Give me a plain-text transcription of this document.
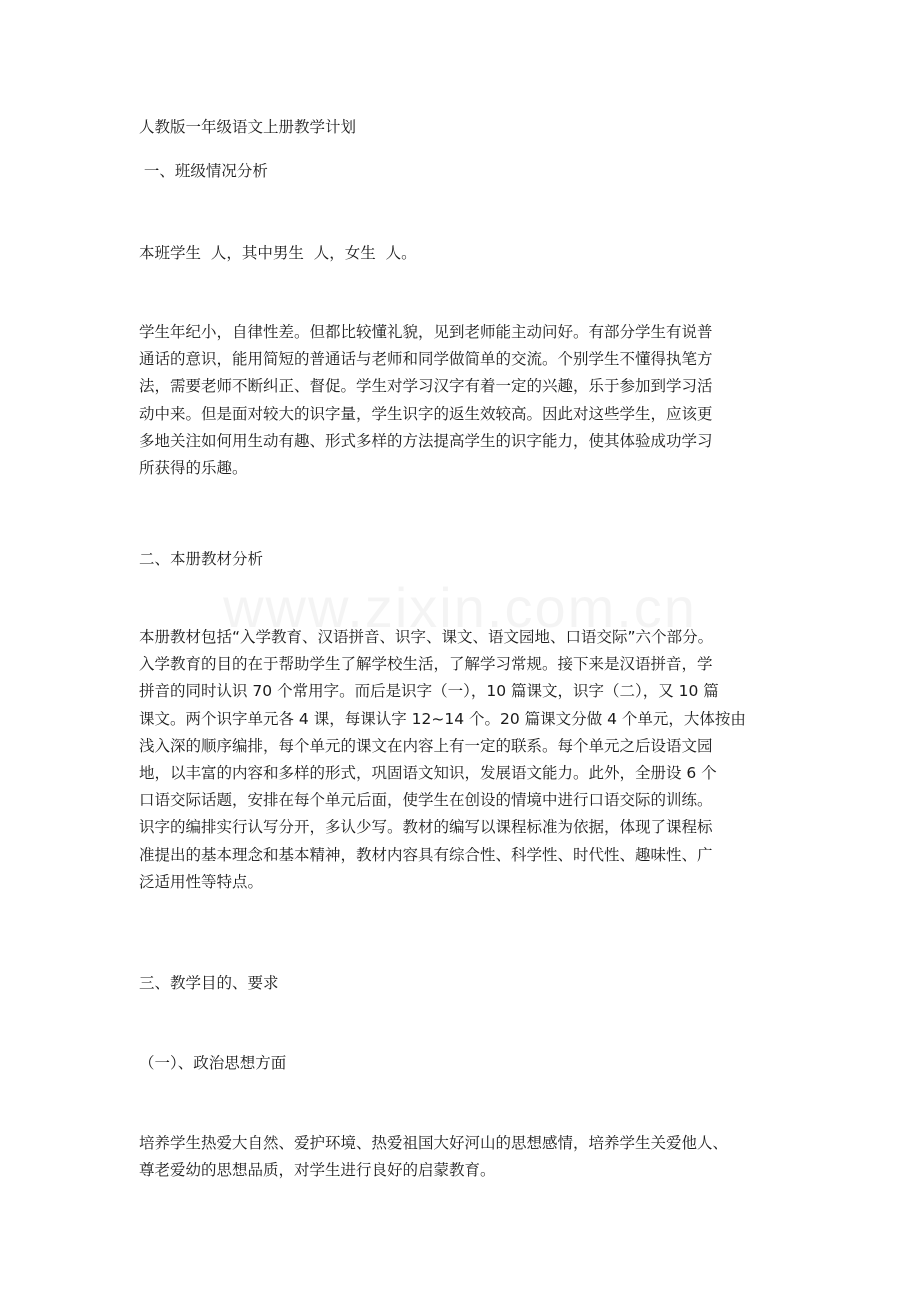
人教版一年级语文上册教学计划
一、班级情况分析
本班学生  人，其中男生  人，女生  人。
学生年纪小，自律性差。但都比较懂礼貌，见到老师能主动问好。有部分学生有说普
通话的意识，能用简短的普通话与老师和同学做简单的交流。个别学生不懂得执笔方
法，需要老师不断纠正、督促。学生对学习汉字有着一定的兴趣，乐于参加到学习活
动中来。但是面对较大的识字量，学生识字的返生效较高。因此对这些学生，应该更
多地关注如何用生动有趣、形式多样的方法提高学生的识字能力，使其体验成功学习
所获得的乐趣。
二、本册教材分析
本册教材包括“入学教育、汉语拼音、识字、课文、语文园地、口语交际”六个部分。
入学教育的目的在于帮助学生了解学校生活，了解学习常规。接下来是汉语拼音，学
拼音的同时认识 70 个常用字。而后是识字（一），10 篇课文，识字（二），又 10 篇
课文。两个识字单元各 4 课，每课认字 12~14 个。20 篇课文分做 4 个单元，大体按由
浅入深的顺序编排，每个单元的课文在内容上有一定的联系。每个单元之后设语文园
地，以丰富的内容和多样的形式，巩固语文知识，发展语文能力。此外，全册设 6 个
口语交际话题，安排在每个单元后面，使学生在创设的情境中进行口语交际的训练。
识字的编排实行认写分开，多认少写。教材的编写以课程标准为依据，体现了课程标
准提出的基本理念和基本精神，教材内容具有综合性、科学性、时代性、趣味性、广
泛适用性等特点。
三、教学目的、要求
（一）、政治思想方面
培养学生热爱大自然、爱护环境、热爱祖国大好河山的思想感情，培养学生关爱他人、
尊老爱幼的思想品质，对学生进行良好的启蒙教育。
